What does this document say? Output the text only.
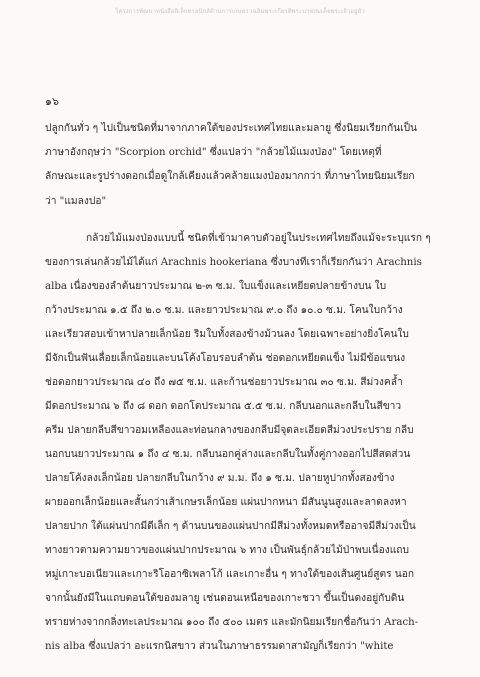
โครงการพัฒนาหนังสืออิเล็กทรอนิกส์ด้านการเกษตร เฉลิมพระเกียรติพระบาทสมเด็จพระเจ้าอยู่หัว
๑๖
ปลูกกันทั่ว ๆ ไปเป็นชนิดที่มาจากภาคใต้ของประเทศไทยและมลายู ซึ่งนิยมเรียกกันเป็น
ภาษาอังกฤษว่า "Scorpion orchid" ซึ่งแปลว่า "กล้วยไม้แมงป่อง" โดยเหตุที่
ลักษณะและรูปร่างดอกเมื่อดูใกล้เคียงแล้วคล้ายแมงป่องมากกว่า ที่ภาษาไทยนิยมเรียก
ว่า "แมลงปอ"
กล้วยไม้แมงป่องแบบนี้ ชนิดที่เข้ามาคาบตัวอยู่ในประเทศไทยถึงแม้จะระบุแรก ๆ
ของการเล่นกล้วยไม้ได้แก่ Arachnis hookeriana ซึ่งบางทีเราก็เรียกกันว่า Arachnis
alba เนื่องของลำต้นยาวประมาณ ๒-๓ ซ.ม. ใบแข็งและเหยียดปลายข้างบน ใบ
กว้างประมาณ ๑.๕ ถึง ๒.๐ ซ.ม. และยาวประมาณ ๙.๐ ถึง ๑๐.๐ ซ.ม. โคนใบกว้าง
และเรียวสอบเข้าหาปลายเล็กน้อย ริมใบทั้งสองข้างม้วนลง โดยเฉพาะอย่างยิ่งโคนใบ
มีจักเป็นฟันเลื่อยเล็กน้อยและบนโค้งโอบรอบลำต้น ช่อดอกเหยียดแข็ง ไม่มีข้อแขนง
ช่อดอกยาวประมาณ ๔๐ ถึง ๗๕ ซ.ม. และก้านช่อยาวประมาณ ๓๐ ซ.ม. สีม่วงคล้ำ
มีดอกประมาณ ๖ ถึง ๘ ดอก ดอกโตประมาณ ๕.๕ ซ.ม. กลีบนอกและกลีบในสีขาว
ครีม ปลายกลีบสีขาวอมเหลืองและท่อนกลางของกลีบมีจุดละเอียดสีม่วงประปราย กลีบ
นอกบนยาวประมาณ ๑ ถึง ๔ ซ.ม. กลีบนอกคู่ล่างและกลีบในทั้งคู่กางออกไปสีสดส่วน
ปลายโค้งลงเล็กน้อย ปลายกลีบในกว้าง ๙ ม.ม. ถึง ๑ ซ.ม. ปลายหูปากทั้งสองข้าง
ผายออกเล็กน้อยและสั้นกว่าเส้าเกษรเล็กน้อย แผ่นปากหนา มีสันนูนสูงและลาดลงหา
ปลายปาก ใต้แผ่นปากมีดีเล็ก ๆ ด้านบนของแผ่นปากมีสีม่วงทั้งหมดหรืออาจมีสีม่วงเป็น
ทางยาวตามความยาวของแผ่นปากประมาณ ๖ ทาง เป็นพันธุ์กล้วยไม้ป่าพบเนื่องแถบ
หมู่เกาะบอเนียวและเกาะริโออาซิเพลาโก้ และเกาะอื่น ๆ ทางใต้ของเส้นศูนย์สูตร นอก
จากนั้นยังมีในแถบตอนใต้ของมลายู เช่นดอนเหนือของเกาะชวา ขึ้นเป็นดงอยู่กับดิน
ทรายห่างจากกลิ่งทะเลประมาณ ๑๐๐ ถึง ๕๐๐ เมตร และมักนิยมเรียกชื่อกันว่า Arach-
nis alba ซึ่งแปลว่า อะแรกนิสขาว ส่วนในภาษาธรรมดาสามัญก็เรียกว่า "white
